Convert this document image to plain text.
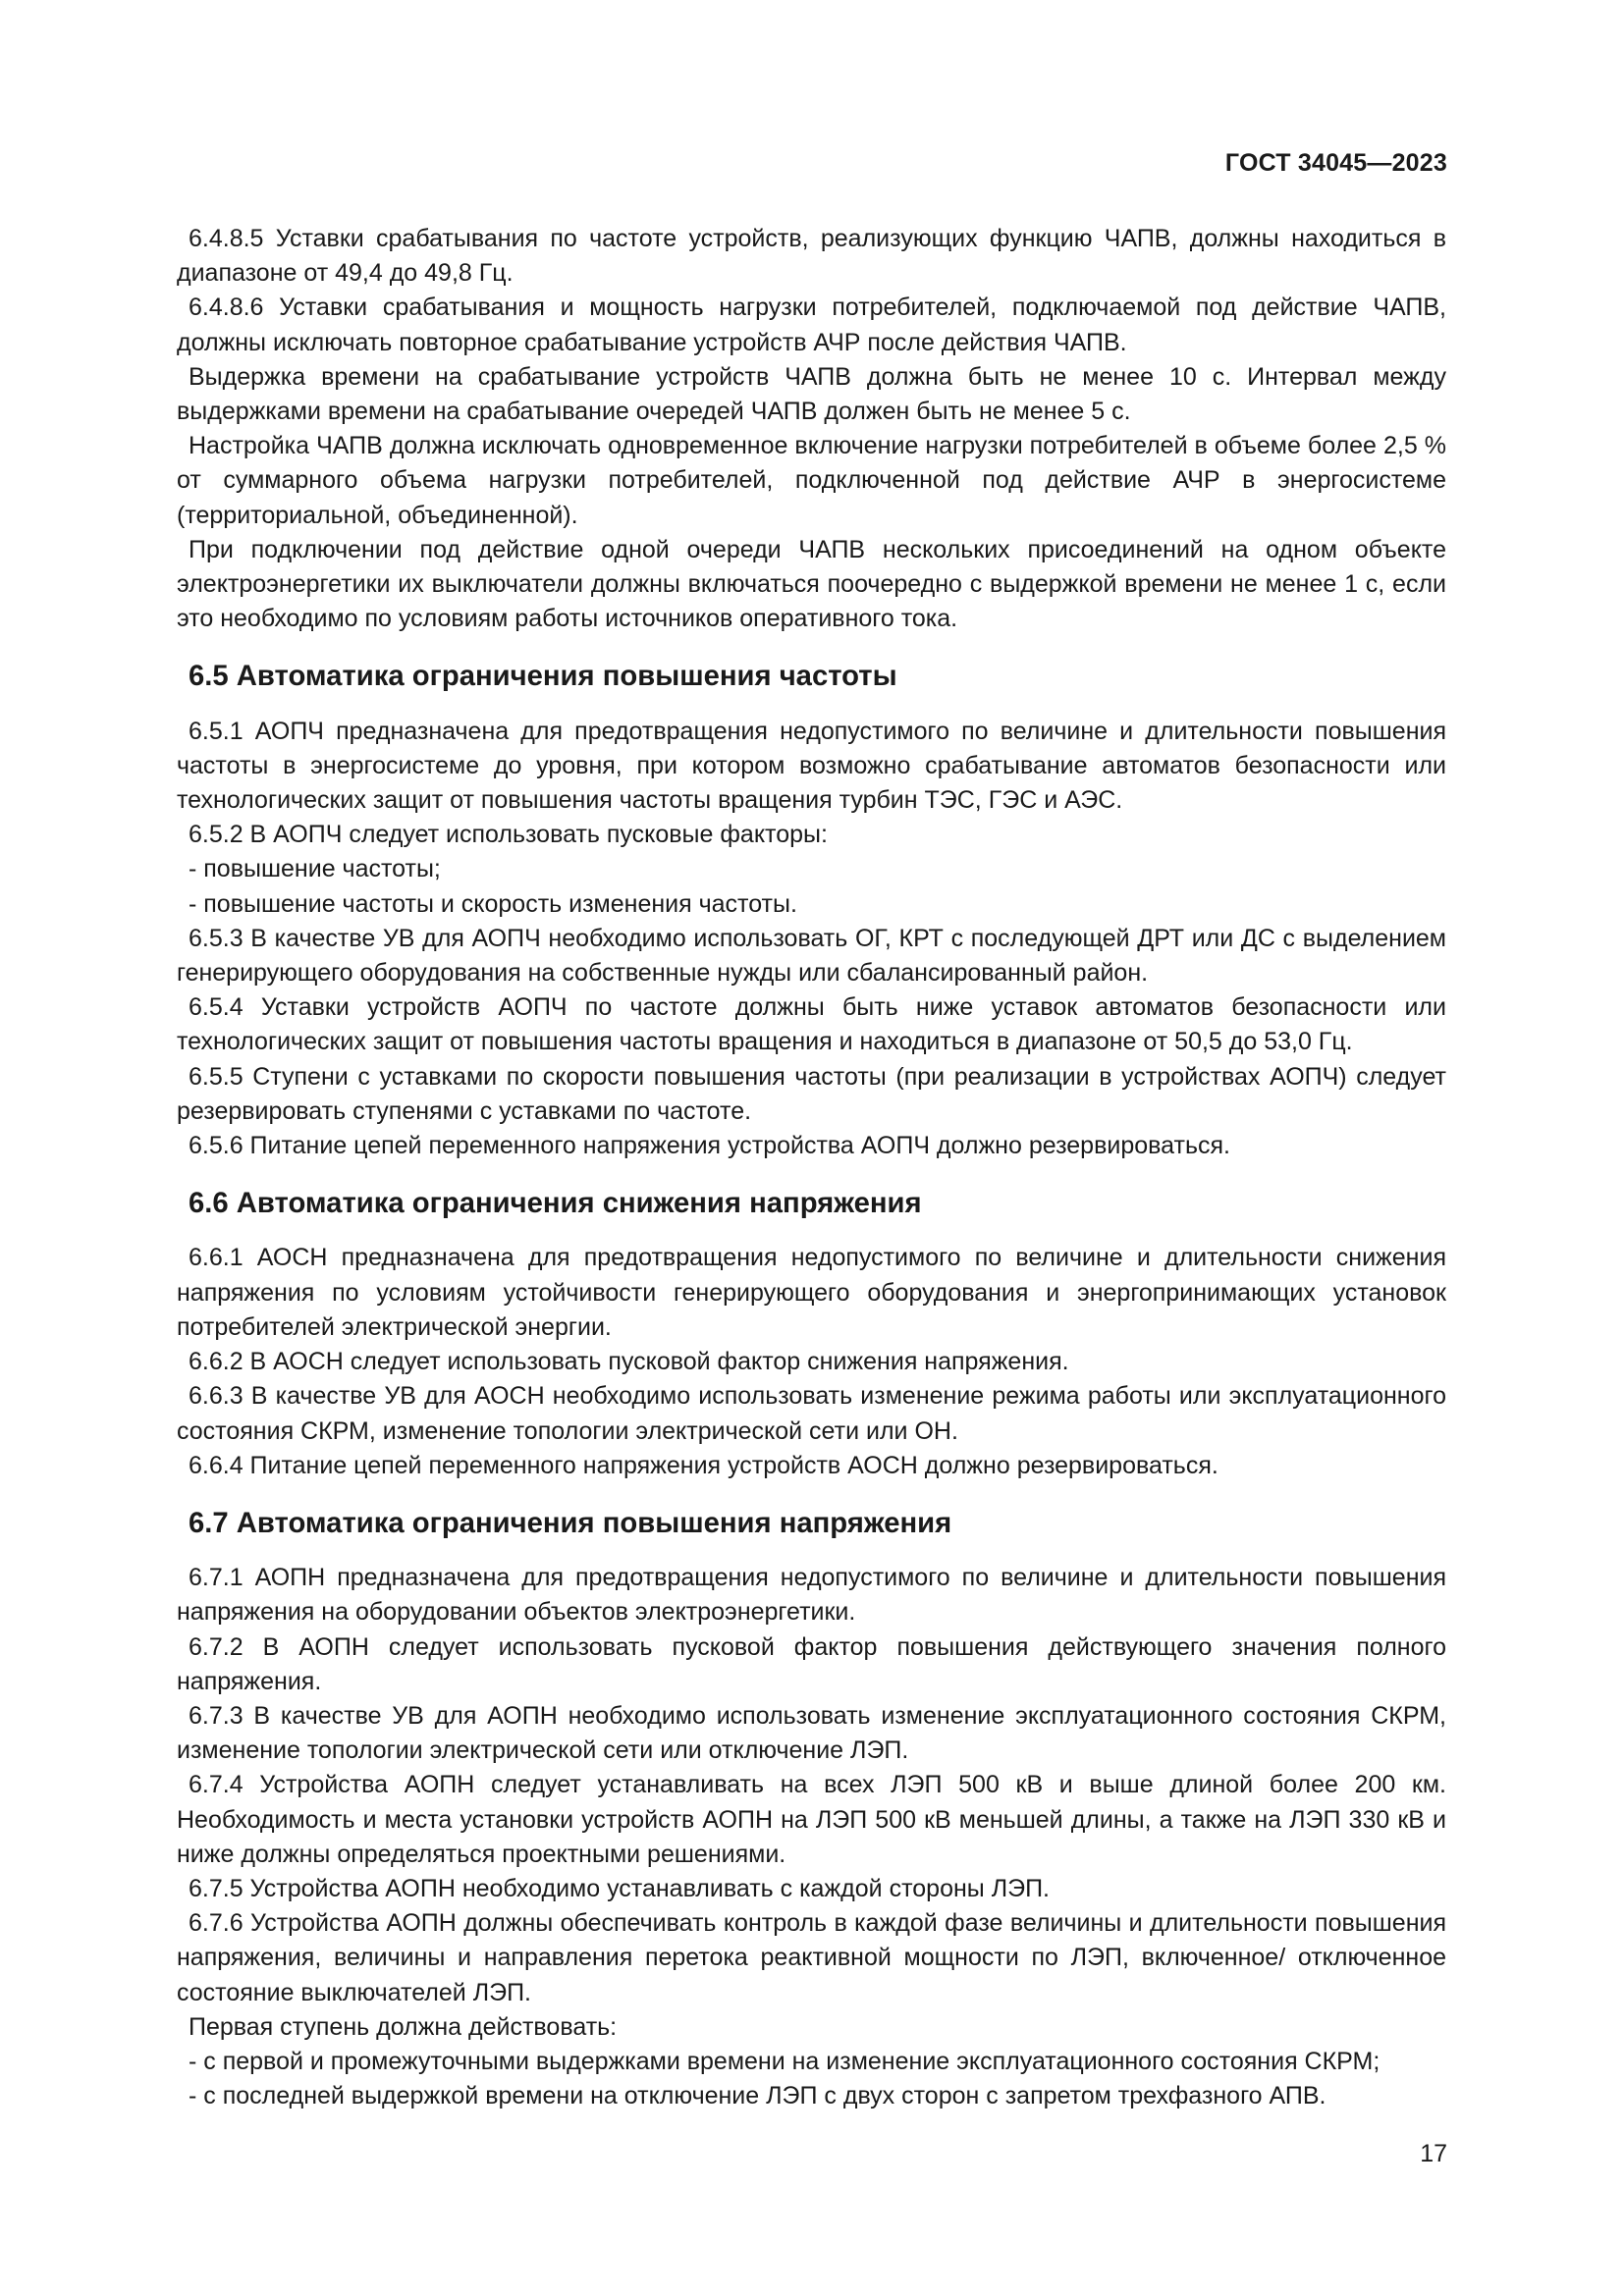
ГОСТ 34045—2023

6.4.8.5 Уставки срабатывания по частоте устройств, реализующих функцию ЧАПВ, должны находиться в диапазоне от 49,4 до 49,8 Гц.

6.4.8.6 Уставки срабатывания и мощность нагрузки потребителей, подключаемой под действие ЧАПВ, должны исключать повторное срабатывание устройств АЧР после действия ЧАПВ.

Выдержка времени на срабатывание устройств ЧАПВ должна быть не менее 10 с. Интервал между выдержками времени на срабатывание очередей ЧАПВ должен быть не менее 5 с.

Настройка ЧАПВ должна исключать одновременное включение нагрузки потребителей в объеме более 2,5 % от суммарного объема нагрузки потребителей, подключенной под действие АЧР в энергосистеме (территориальной, объединенной).

При подключении под действие одной очереди ЧАПВ нескольких присоединений на одном объекте электроэнергетики их выключатели должны включаться поочередно с выдержкой времени не менее 1 с, если это необходимо по условиям работы источников оперативного тока.

6.5 Автоматика ограничения повышения частоты

6.5.1 АОПЧ предназначена для предотвращения недопустимого по величине и длительности повышения частоты в энергосистеме до уровня, при котором возможно срабатывание автоматов безопасности или технологических защит от повышения частоты вращения турбин ТЭС, ГЭС и АЭС.

6.5.2 В АОПЧ следует использовать пусковые факторы:

- повышение частоты;

- повышение частоты и скорость изменения частоты.

6.5.3 В качестве УВ для АОПЧ необходимо использовать ОГ, КРТ с последующей ДРТ или ДС с выделением генерирующего оборудования на собственные нужды или сбалансированный район.

6.5.4 Уставки устройств АОПЧ по частоте должны быть ниже уставок автоматов безопасности или технологических защит от повышения частоты вращения и находиться в диапазоне от 50,5 до 53,0 Гц.

6.5.5 Ступени с уставками по скорости повышения частоты (при реализации в устройствах АОПЧ) следует резервировать ступенями с уставками по частоте.

6.5.6 Питание цепей переменного напряжения устройства АОПЧ должно резервироваться.

6.6 Автоматика ограничения снижения напряжения

6.6.1 АОСН предназначена для предотвращения недопустимого по величине и длительности снижения напряжения по условиям устойчивости генерирующего оборудования и энергопринимающих установок потребителей электрической энергии.

6.6.2 В АОСН следует использовать пусковой фактор снижения напряжения.

6.6.3 В качестве УВ для АОСН необходимо использовать изменение режима работы или эксплуатационного состояния СКРМ, изменение топологии электрической сети или ОН.

6.6.4 Питание цепей переменного напряжения устройств АОСН должно резервироваться.

6.7 Автоматика ограничения повышения напряжения

6.7.1 АОПН предназначена для предотвращения недопустимого по величине и длительности повышения напряжения на оборудовании объектов электроэнергетики.

6.7.2 В АОПН следует использовать пусковой фактор повышения действующего значения полного напряжения.

6.7.3 В качестве УВ для АОПН необходимо использовать изменение эксплуатационного состояния СКРМ, изменение топологии электрической сети или отключение ЛЭП.

6.7.4 Устройства АОПН следует устанавливать на всех ЛЭП 500 кВ и выше длиной более 200 км. Необходимость и места установки устройств АОПН на ЛЭП 500 кВ меньшей длины, а также на ЛЭП 330 кВ и ниже должны определяться проектными решениями.

6.7.5 Устройства АОПН необходимо устанавливать с каждой стороны ЛЭП.

6.7.6 Устройства АОПН должны обеспечивать контроль в каждой фазе величины и длительности повышения напряжения, величины и направления перетока реактивной мощности по ЛЭП, включенное/ отключенное состояние выключателей ЛЭП.

Первая ступень должна действовать:

- с первой и промежуточными выдержками времени на изменение эксплуатационного состояния СКРМ;

- с последней выдержкой времени на отключение ЛЭП с двух сторон с запретом трехфазного АПВ.

17
